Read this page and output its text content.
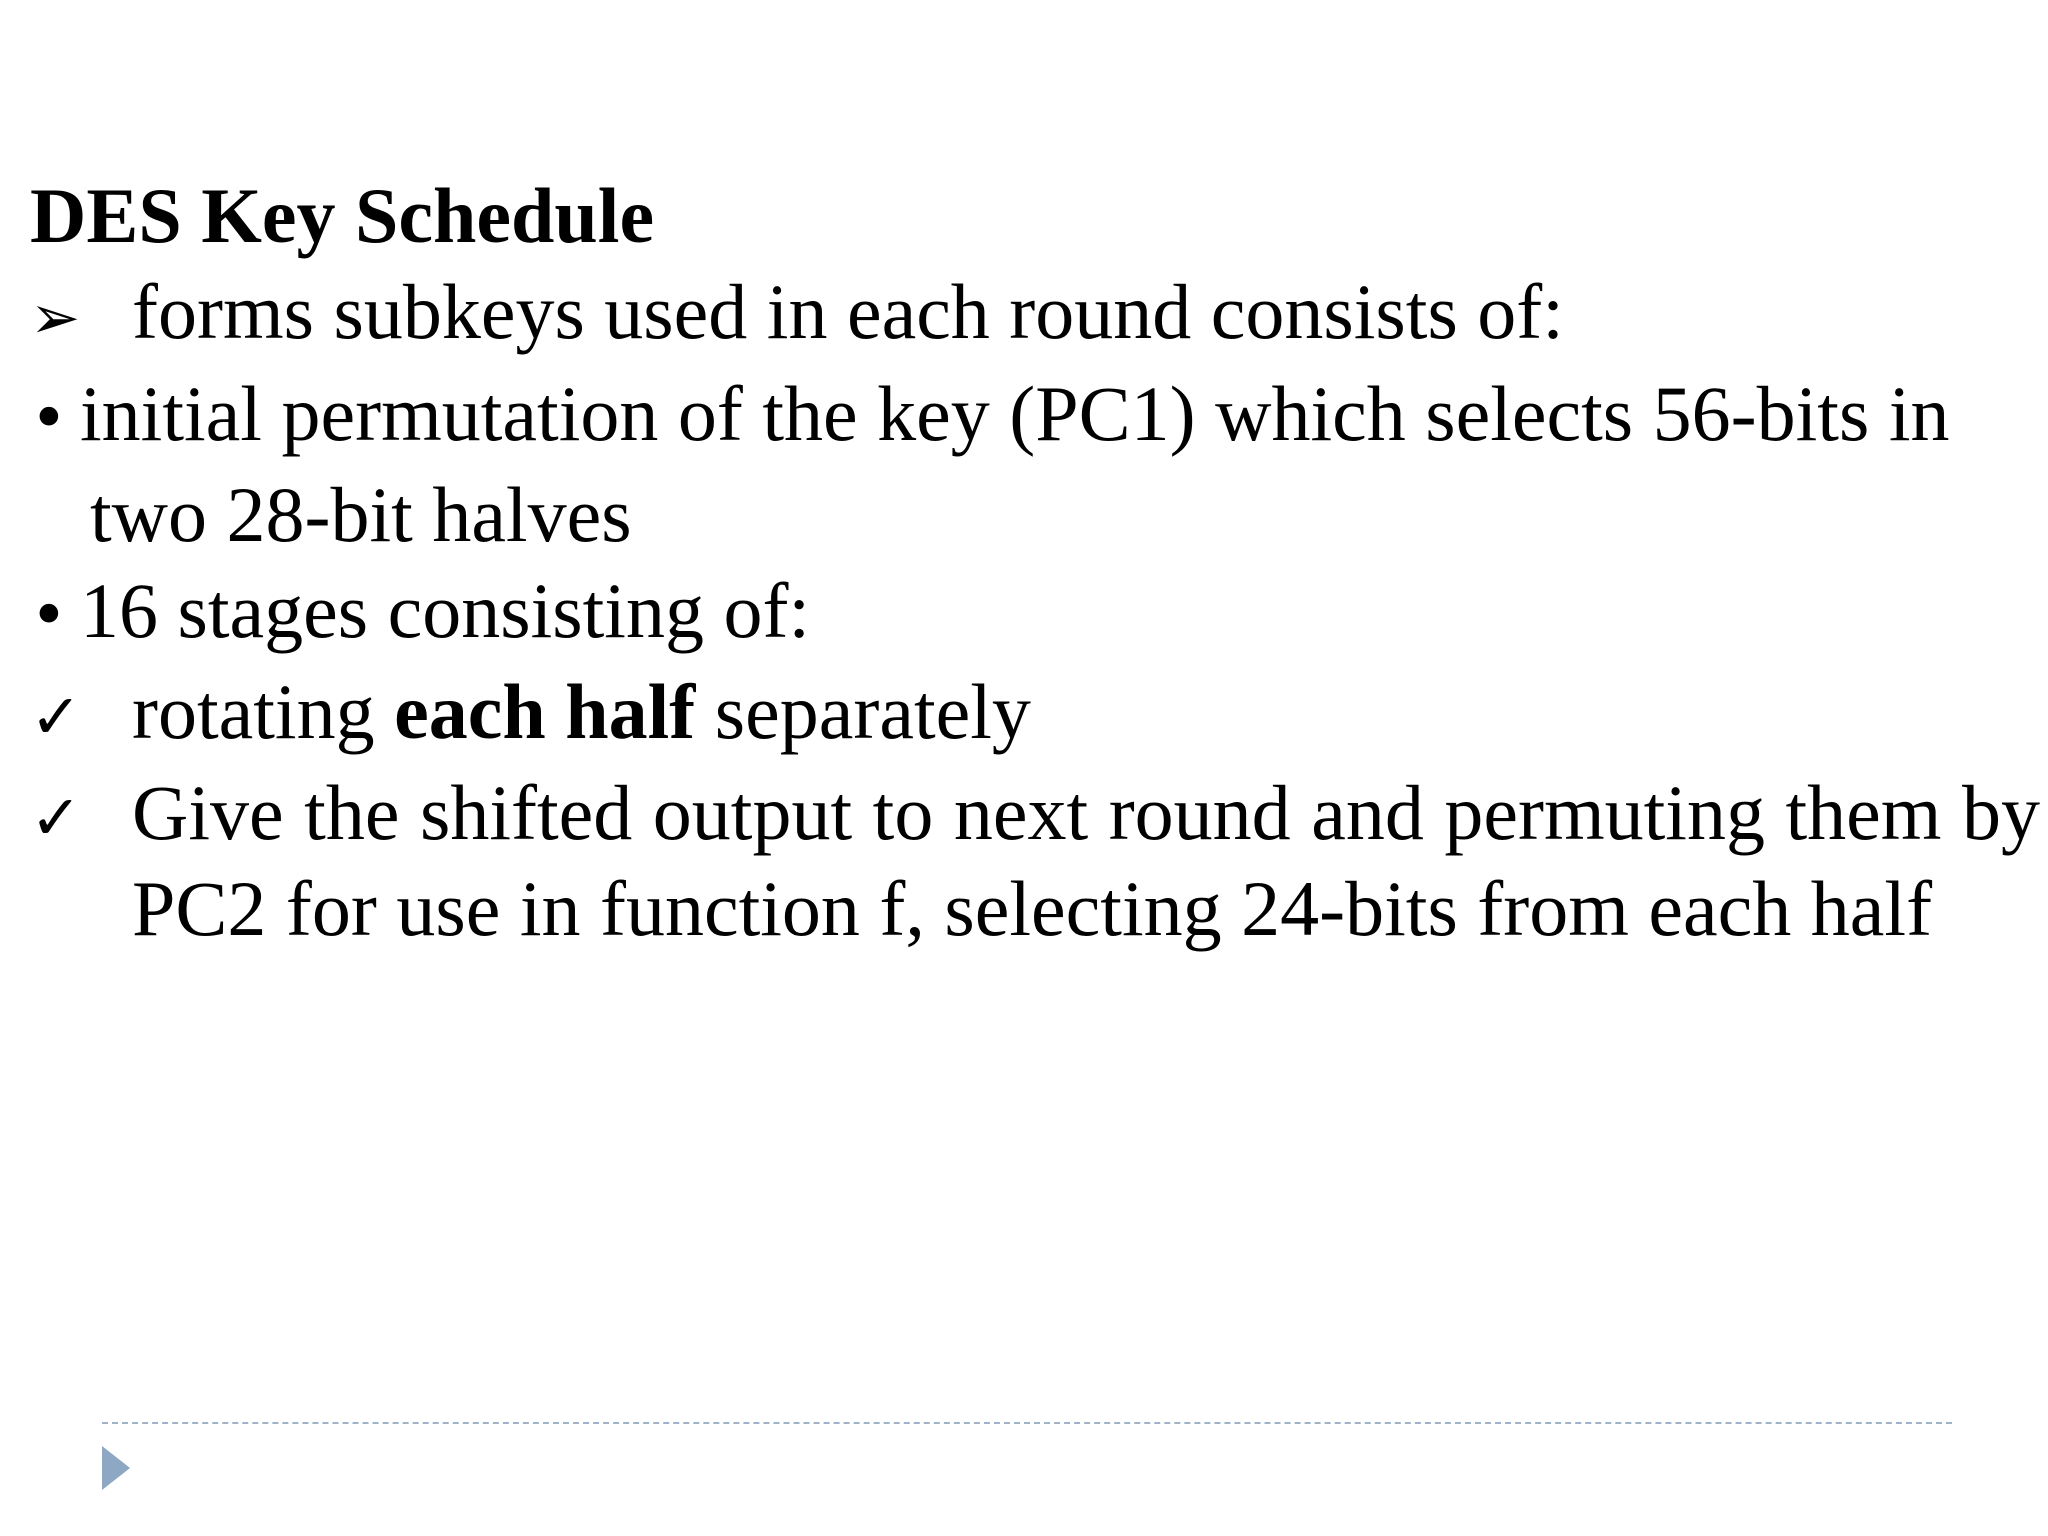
DES Key Schedule
➢ forms subkeys used in each round consists of:
• initial permutation of the key (PC1) which selects 56-bits in
two 28-bit halves
• 16 stages consisting of:
✓ rotating each half separately
✓ Give the shifted output to next round and permuting them by PC2 for use in function f, selecting 24-bits from each half
